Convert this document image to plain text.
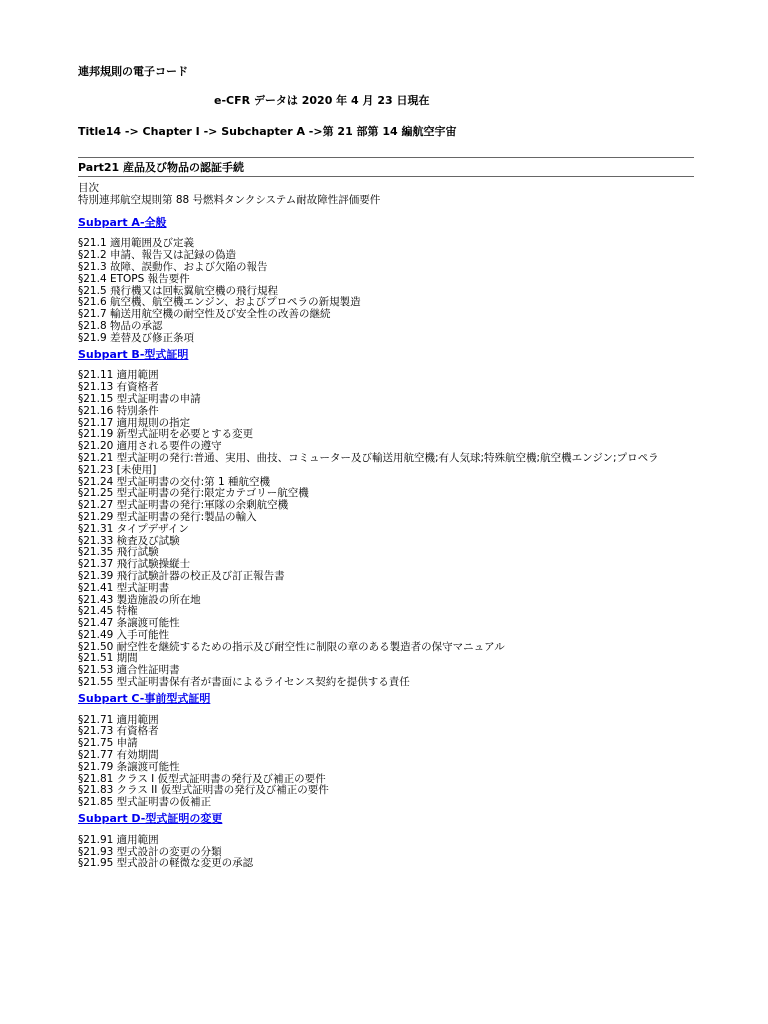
連邦規則の電子コード
e-CFR データは 2020 年 4 月 23 日現在
Title14 -> Chapter I -> Subchapter A ->第 21 部第 14 編航空宇宙
Part21 産品及び物品の認証手続
目次
特別連邦航空規則第 88 号燃料タンクシステム耐故障性評価要件
Subpart A-全般
§21.1 適用範囲及び定義
§21.2 申請、報告又は記録の偽造
§21.3 故障、誤動作、および欠陥の報告
§21.4 ETOPS 報告要件
§21.5 飛行機又は回転翼航空機の飛行規程
§21.6 航空機、航空機エンジン、およびプロペラの新規製造
§21.7 輸送用航空機の耐空性及び安全性の改善の継続
§21.8 物品の承認
§21.9 差替及び修正条項
Subpart B-型式証明
§21.11 適用範囲
§21.13 有資格者
§21.15 型式証明書の申請
§21.16 特別条件
§21.17 適用規則の指定
§21.19 新型式証明を必要とする変更
§21.20 適用される要件の遵守
§21.21 型式証明の発行:普通、実用、曲技、コミューター及び輸送用航空機;有人気球;特殊航空機;航空機エンジン;プロペラ
§21.23 [未使用]
§21.24 型式証明書の交付:第 1 種航空機
§21.25 型式証明書の発行:限定カテゴリー航空機
§21.27 型式証明書の発行:軍隊の余剰航空機
§21.29 型式証明書の発行:製品の輸入
§21.31 タイプデザイン
§21.33 検査及び試験
§21.35 飛行試験
§21.37 飛行試験操縦士
§21.39 飛行試験計器の校正及び訂正報告書
§21.41 型式証明書
§21.43 製造施設の所在地
§21.45 特権
§21.47 条譲渡可能性
§21.49 入手可能性
§21.50 耐空性を継続するための指示及び耐空性に制限の章のある製造者の保守マニュアル
§21.51 期間
§21.53 適合性証明書
§21.55 型式証明書保有者が書面によるライセンス契約を提供する責任
Subpart C-事前型式証明
§21.71 適用範囲
§21.73 有資格者
§21.75 申請
§21.77 有効期間
§21.79 条譲渡可能性
§21.81 クラス I 仮型式証明書の発行及び補正の要件
§21.83 クラス II 仮型式証明書の発行及び補正の要件
§21.85 型式証明書の仮補正
Subpart D-型式証明の変更
§21.91 適用範囲
§21.93 型式設計の変更の分類
§21.95 型式設計の軽微な変更の承認
